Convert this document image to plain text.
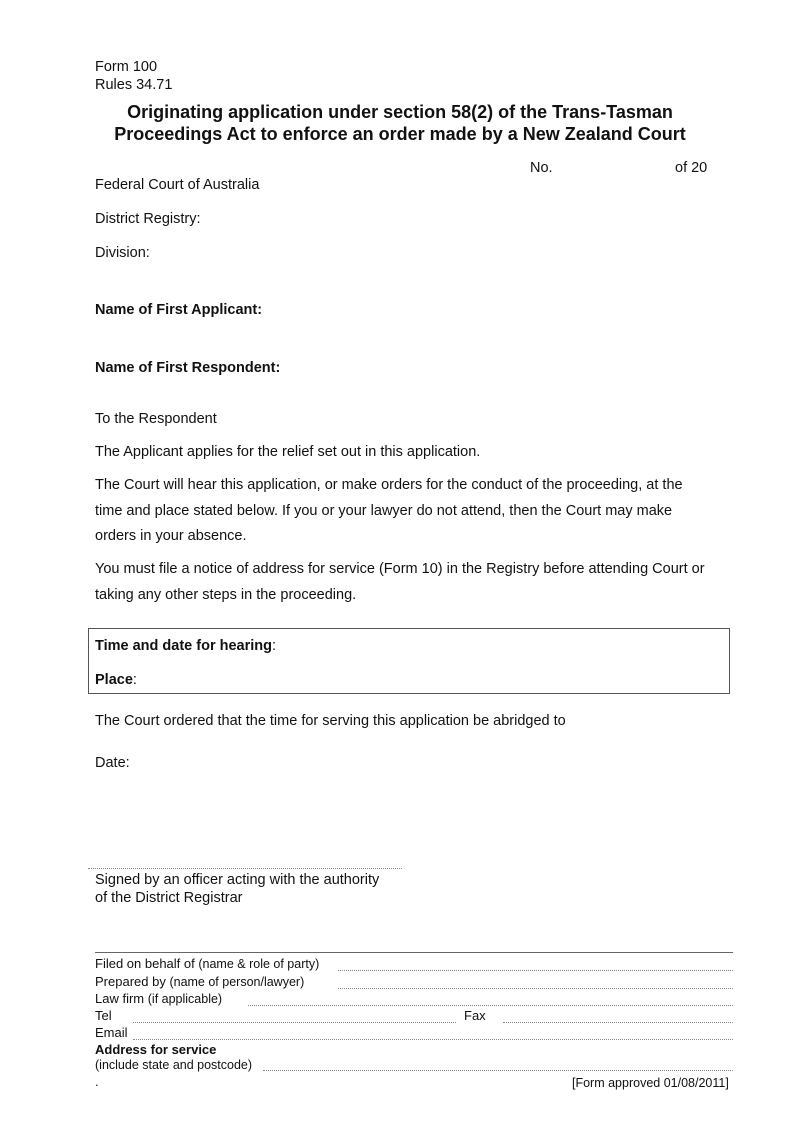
Form 100
Rules 34.71
Originating application under section 58(2) of the Trans-Tasman
Proceedings Act to enforce an order made by a New Zealand Court
No.	of 20
Federal Court of Australia
District Registry:
Division:
Name of First Applicant:
Name of First Respondent:
To the Respondent
The Applicant applies for the relief set out in this application.
The Court will hear this application, or make orders for the conduct of the proceeding, at the
time and place stated below. If you or your lawyer do not attend, then the Court may make
orders in your absence.
You must file a notice of address for service (Form 10) in the Registry before attending Court or
taking any other steps in the proceeding.
Time and date for hearing:
Place:
The Court ordered that the time for serving this application be abridged to
Date:
Signed by an officer acting with the authority
of the District Registrar
Filed on behalf of (name & role of party)
Prepared by (name of person/lawyer)
Law firm (if applicable)
Tel	Fax
Email
Address for service
(include state and postcode)
.	[Form approved 01/08/2011]
